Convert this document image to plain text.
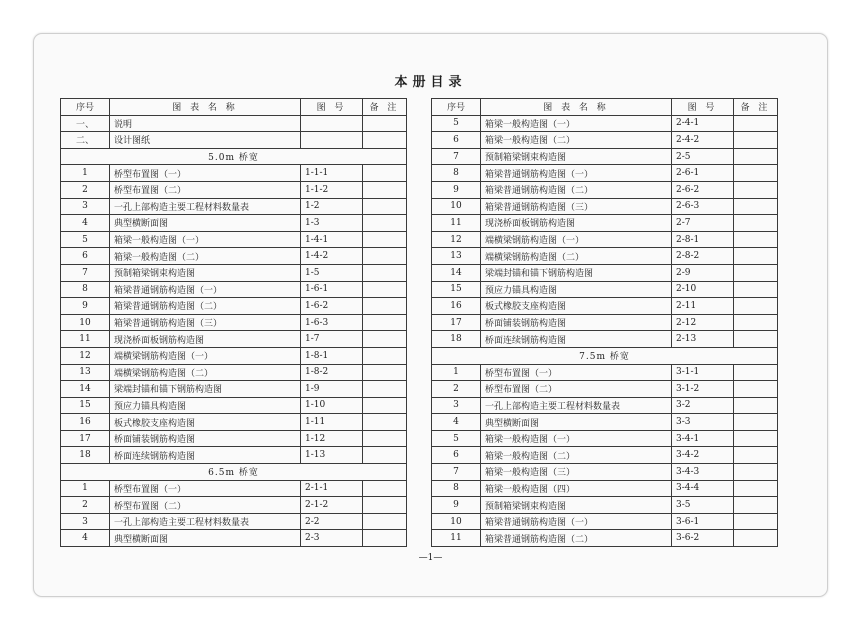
本册目录
序号	图 表 名 称	图 号	备 注
一、	说明		
二、	设计图纸		
5.0m 桥宽			
1	桥型布置图（一）	1-1-1	
2	桥型布置图（二）	1-1-2	
3	一孔上部构造主要工程材料数量表	1-2	
4	典型横断面图	1-3	
5	箱梁一般构造图（一）	1-4-1	
6	箱梁一般构造图（二）	1-4-2	
7	预制箱梁钢束构造图	1-5	
8	箱梁普通钢筋构造图（一）	1-6-1	
9	箱梁普通钢筋构造图（二）	1-6-2	
10	箱梁普通钢筋构造图（三）	1-6-3	
11	现浇桥面板钢筋构造图	1-7	
12	端横梁钢筋构造图（一）	1-8-1	
13	端横梁钢筋构造图（二）	1-8-2	
14	梁端封锚和锚下钢筋构造图	1-9	
15	预应力锚具构造图	1-10	
16	板式橡胶支座构造图	1-11	
17	桥面铺装钢筋构造图	1-12	
18	桥面连续钢筋构造图	1-13	
6.5m 桥宽			
1	桥型布置图（一）	2-1-1	
2	桥型布置图（二）	2-1-2	
3	一孔上部构造主要工程材料数量表	2-2	
4	典型横断面图	2-3	
序号	图 表 名 称	图 号	备 注
5	箱梁一般构造图（一）	2-4-1	
6	箱梁一般构造图（二）	2-4-2	
7	预制箱梁钢束构造图	2-5	
8	箱梁普通钢筋构造图（一）	2-6-1	
9	箱梁普通钢筋构造图（二）	2-6-2	
10	箱梁普通钢筋构造图（三）	2-6-3	
11	现浇桥面板钢筋构造图	2-7	
12	端横梁钢筋构造图（一）	2-8-1	
13	端横梁钢筋构造图（二）	2-8-2	
14	梁端封锚和锚下钢筋构造图	2-9	
15	预应力锚具构造图	2-10	
16	板式橡胶支座构造图	2-11	
17	桥面铺装钢筋构造图	2-12	
18	桥面连续钢筋构造图	2-13	
7.5m 桥宽			
1	桥型布置图（一）	3-1-1	
2	桥型布置图（二）	3-1-2	
3	一孔上部构造主要工程材料数量表	3-2	
4	典型横断面图	3-3	
5	箱梁一般构造图（一）	3-4-1	
6	箱梁一般构造图（二）	3-4-2	
7	箱梁一般构造图（三）	3-4-3	
8	箱梁一般构造图（四）	3-4-4	
9	预制箱梁钢束构造图	3-5	
10	箱梁普通钢筋构造图（一）	3-6-1	
11	箱梁普通钢筋构造图（二）	3-6-2	
—1—
